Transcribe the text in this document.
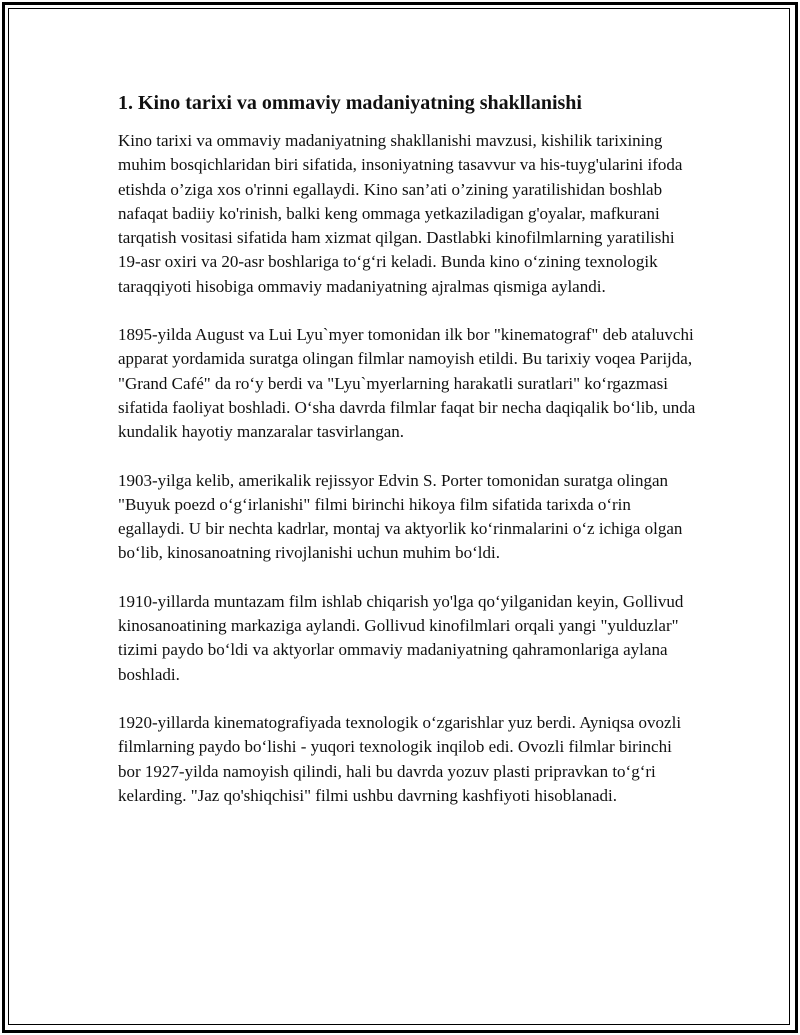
1. Kino tarixi va ommaviy madaniyatning shakllanishi

Kino tarixi va ommaviy madaniyatning shakllanishi mavzusi, kishilik tarixining muhim bosqichlaridan biri sifatida, insoniyatning tasavvur va his-tuyg'ularini ifoda etishda o’ziga xos o'rinni egallaydi. Kino san’ati o’zining yaratilishidan boshlab nafaqat badiiy ko'rinish, balki keng ommaga yetkaziladigan g'oyalar, mafkurani tarqatish vositasi sifatida ham xizmat qilgan. Dastlabki kinofilmlarning yaratilishi 19-asr oxiri va 20-asr boshlariga to‘g‘ri keladi. Bunda kino o‘zining texnologik taraqqiyoti hisobiga ommaviy madaniyatning ajralmas qismiga aylandi.

1895-yilda August va Lui Lyu`myer tomonidan ilk bor "kinematograf" deb ataluvchi apparat yordamida suratga olingan filmlar namoyish etildi. Bu tarixiy voqea Parijda, "Grand Café" da ro‘y berdi va "Lyu`myerlarning harakatli suratlari" ko‘rgazmasi sifatida faoliyat boshladi. O‘sha davrda filmlar faqat bir necha daqiqalik bo‘lib, unda kundalik hayotiy manzaralar tasvirlangan.

1903-yilga kelib, amerikalik rejissyor Edvin S. Porter tomonidan suratga olingan "Buyuk poezd o‘g‘irlanishi" filmi birinchi hikoya film sifatida tarixda o‘rin egallaydi. U bir nechta kadrlar, montaj va aktyorlik ko‘rinmalarini o‘z ichiga olgan bo‘lib, kinosanoatning rivojlanishi uchun muhim bo‘ldi.

1910-yillarda muntazam film ishlab chiqarish yo'lga qo‘yilganidan keyin, Gollivud kinosanoatining markaziga aylandi. Gollivud kinofilmlari orqali yangi "yulduzlar" tizimi paydo bo‘ldi va aktyorlar ommaviy madaniyatning qahramonlariga aylana boshladi.

1920-yillarda kinematografiyada texnologik o‘zgarishlar yuz berdi. Ayniqsa ovozli filmlarning paydo bo‘lishi - yuqori texnologik inqilob edi. Ovozli filmlar birinchi bor 1927-yilda namoyish qilindi, hali bu davrda yozuv plasti pripravkan to‘g‘ri kelarding. "Jaz qo'shiqchisi" filmi ushbu davrning kashfiyoti hisoblanadi.
